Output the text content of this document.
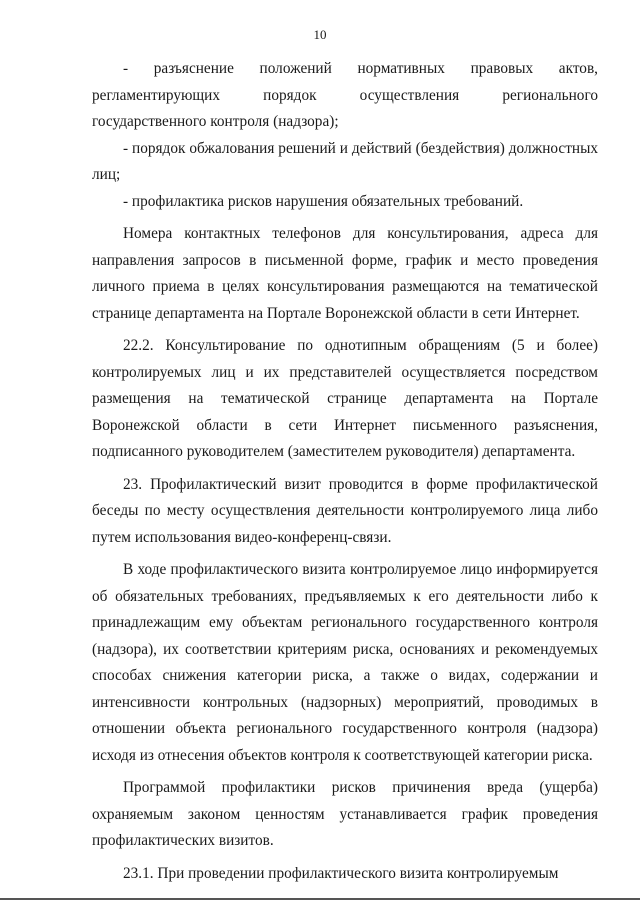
10
- разъяснение положений нормативных правовых актов,

регламентирующих порядок осуществления регионального государственного контроля (надзора);

- порядок обжалования решений и действий (бездействия) должностных лиц;

- профилактика рисков нарушения обязательных требований.

Номера контактных телефонов для консультирования, адреса для направления запросов в письменной форме, график и место проведения личного приема в целях консультирования размещаются на тематической странице департамента на Портале Воронежской области в сети Интернет.

22.2. Консультирование по однотипным обращениям (5 и более) контролируемых лиц и их представителей осуществляется посредством размещения на тематической странице департамента на Портале Воронежской области в сети Интернет письменного разъяснения, подписанного руководителем (заместителем руководителя) департамента.

23. Профилактический визит проводится в форме профилактической беседы по месту осуществления деятельности контролируемого лица либо путем использования видео-конференц-связи.

В ходе профилактического визита контролируемое лицо информируется об обязательных требованиях, предъявляемых к его деятельности либо к принадлежащим ему объектам регионального государственного контроля (надзора), их соответствии критериям риска, основаниях и рекомендуемых способах снижения категории риска, а также о видах, содержании и интенсивности контрольных (надзорных) мероприятий, проводимых в отношении объекта регионального государственного контроля (надзора) исходя из отнесения объектов контроля к соответствующей категории риска.

Программой профилактики рисков причинения вреда (ущерба) охраняемым законом ценностям устанавливается график проведения профилактических визитов.

23.1. При проведении профилактического визита контролируемым
